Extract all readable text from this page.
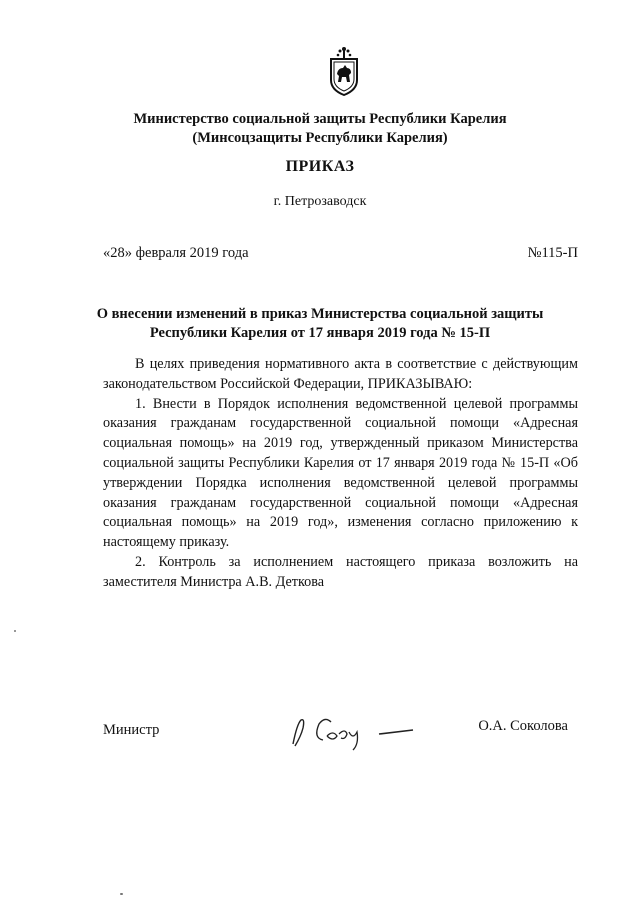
Министерство социальной защиты Республики Карелия
(Минсоцзащиты Республики Карелия)
ПРИКАЗ
г. Петрозаводск
«28» февраля 2019 года	№115-П
О внесении изменений в приказ Министерства социальной защиты
Республики Карелия от 17 января 2019 года № 15-П

В целях приведения нормативного акта в соответствие с действующим законодательством Российской Федерации, ПРИКАЗЫВАЮ:

1. Внести в Порядок исполнения ведомственной целевой программы оказания гражданам государственной социальной помощи «Адресная социальная помощь» на 2019 год, утвержденный приказом Министерства социальной защиты Республики Карелия от 17 января 2019 года № 15-П «Об утверждении Порядка исполнения ведомственной целевой программы оказания гражданам государственной социальной помощи «Адресная социальная помощь» на 2019 год», изменения согласно приложению к настоящему приказу.

2. Контроль за исполнением настоящего приказа возложить на заместителя Министра А.В. Деткова

Министр	О.А. Соколова
